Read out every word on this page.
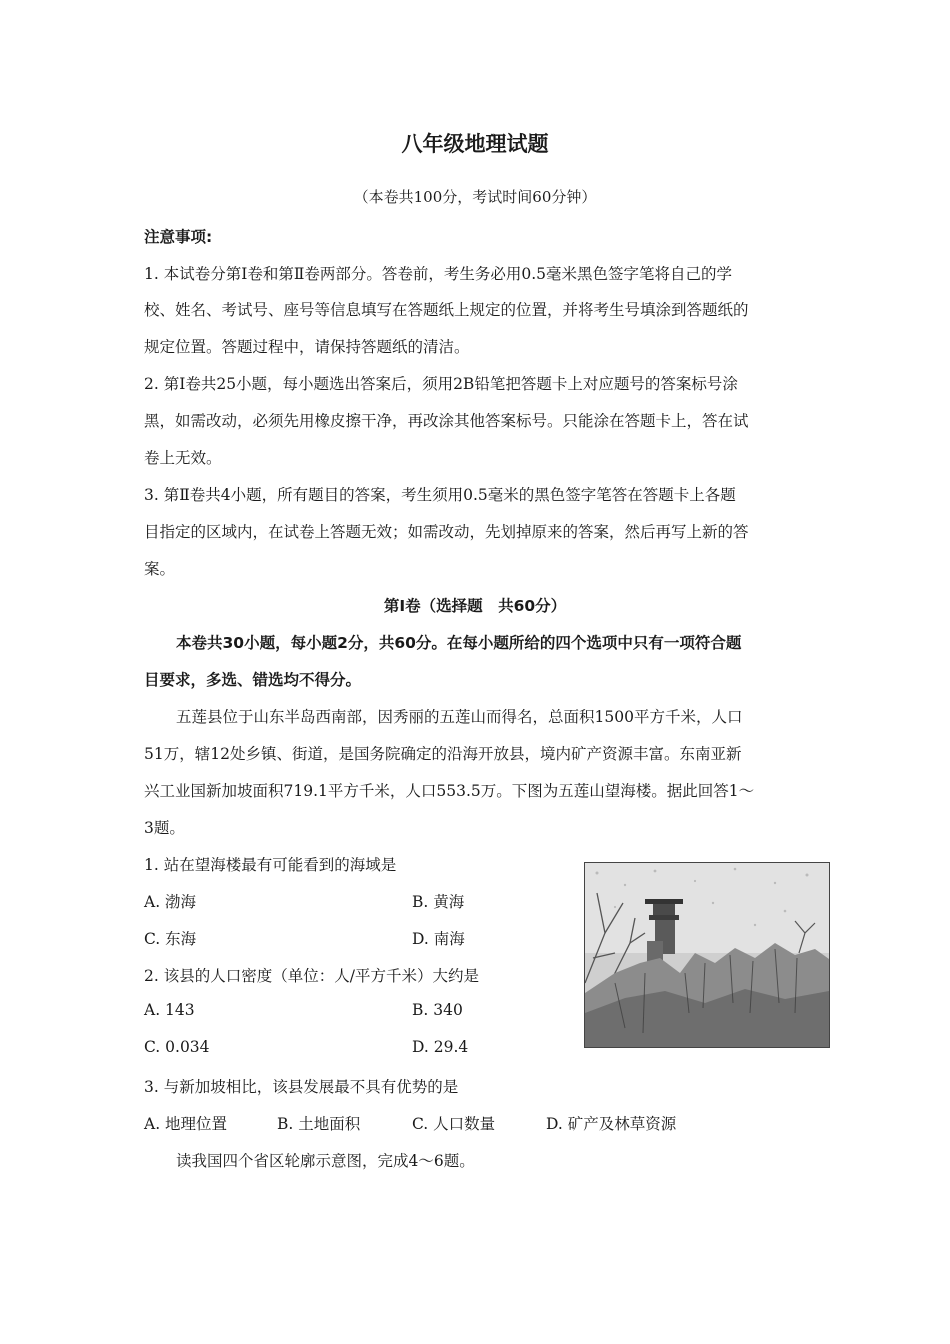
八年级地理试题
（本卷共100分，考试时间60分钟）
注意事项:
1. 本试卷分第Ⅰ卷和第Ⅱ卷两部分。答卷前，考生务必用0.5毫米黑色签字笔将自己的学
校、姓名、考试号、座号等信息填写在答题纸上规定的位置，并将考生号填涂到答题纸的
规定位置。答题过程中，请保持答题纸的清洁。
2. 第Ⅰ卷共25小题，每小题选出答案后，须用2B铅笔把答题卡上对应题号的答案标号涂
黑，如需改动，必须先用橡皮擦干净，再改涂其他答案标号。只能涂在答题卡上，答在试
卷上无效。
3. 第Ⅱ卷共4小题，所有题目的答案，考生须用0.5毫米的黑色签字笔答在答题卡上各题
目指定的区域内，在试卷上答题无效；如需改动，先划掉原来的答案，然后再写上新的答
案。
第Ⅰ卷（选择题　共60分）
本卷共30小题，每小题2分，共60分。在每小题所给的四个选项中只有一项符合题
目要求，多选、错选均不得分。
五莲县位于山东半岛西南部，因秀丽的五莲山而得名，总面积1500平方千米，人口
51万，辖12处乡镇、街道，是国务院确定的沿海开放县，境内矿产资源丰富。东南亚新
兴工业国新加坡面积719.1平方千米，人口553.5万。下图为五莲山望海楼。据此回答1～
3题。
1. 站在望海楼最有可能看到的海域是
A. 渤海	B. 黄海
C. 东海	D. 南海
2. 该县的人口密度（单位：人/平方千米）大约是
A. 143	B. 340
C. 0.034	D. 29.4
3. 与新加坡相比，该县发展最不具有优势的是
A. 地理位置	B. 土地面积	C. 人口数量	D. 矿产及林草资源
读我国四个省区轮廓示意图，完成4～6题。
